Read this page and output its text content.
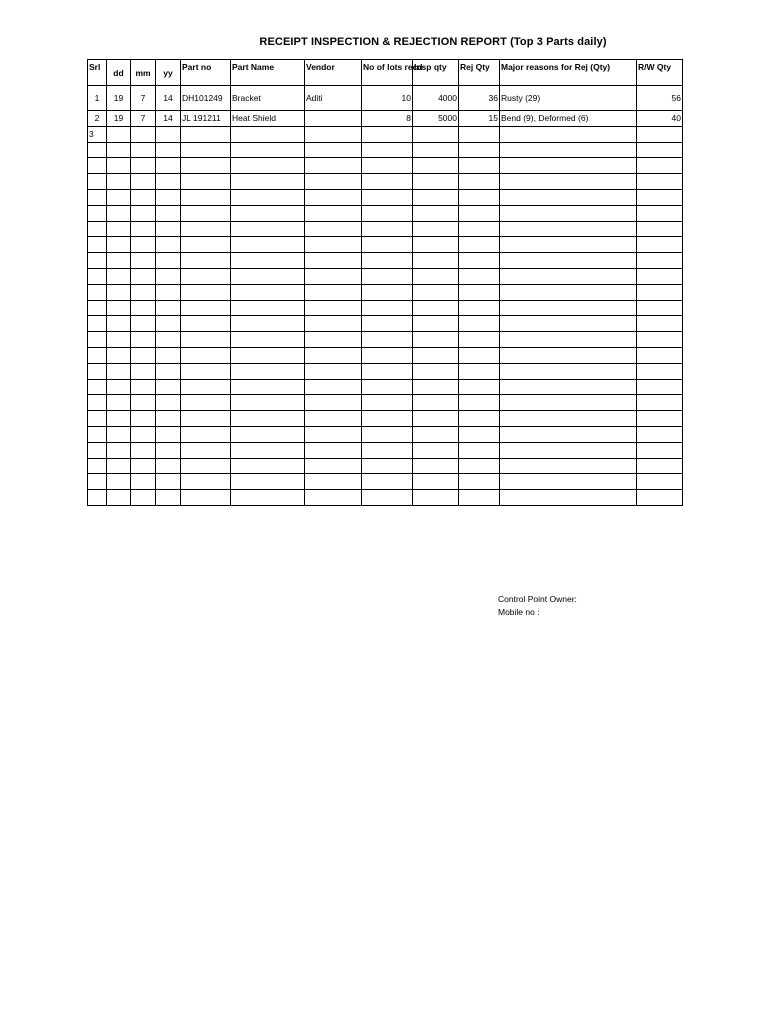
RECEIPT INSPECTION & REJECTION REPORT (Top 3 Parts daily)
Srl	dd	mm	yy	Part no	Part Name	Vendor	No of lots recd	Insp qty	Rej Qty	Major reasons for Rej (Qty)	R/W Qty
1	19	7	14	DH101249	Bracket	Aditi	10	4000	36	Rusty (29)	56
2	19	7	14	JL 191211	Heat Shield		8	5000	15	Bend (9), Deformed (6)	40
3											

Control Point Owner:
Mobile no :
